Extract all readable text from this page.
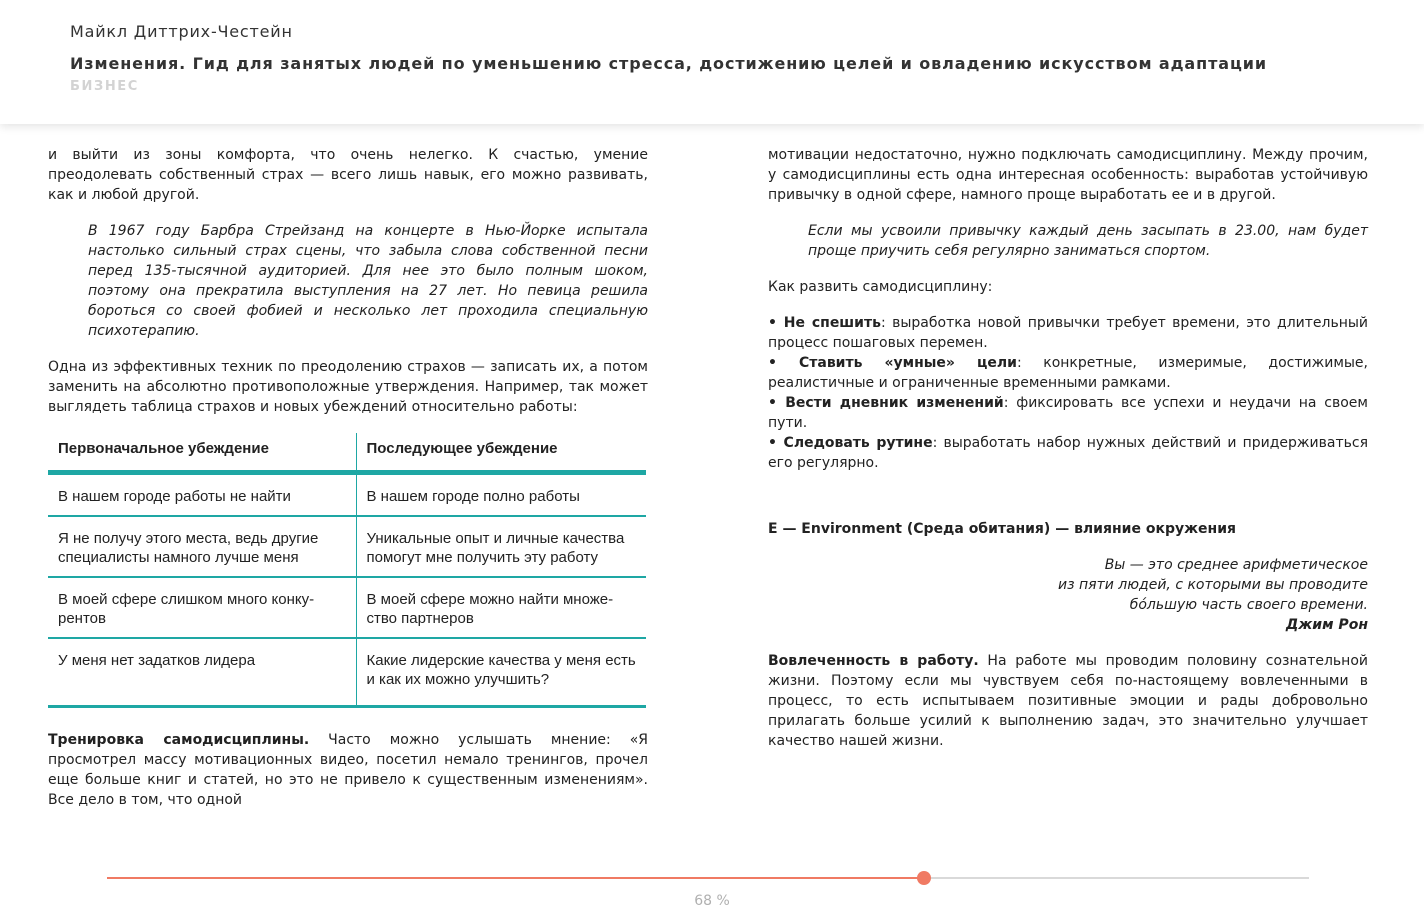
Майкл Диттрих-Честейн
Изменения. Гид для занятых людей по уменьшению стресса, достижению целей и овладению искусством адаптации
БИЗНЕС

и выйти из зоны комфорта, что очень нелегко. К счастью, умение преодолевать собственный страх — всего лишь навык, его можно развивать, как и любой другой.

В 1967 году Барбра Стрейзанд на концерте в Нью-Йорке испытала настолько сильный страх сцены, что забыла слова собственной песни перед 135-тысячной аудиторией. Для нее это было полным шоком, поэтому она прекратила выступления на 27 лет. Но певица решила бороться со своей фобией и несколько лет проходила специальную психотерапию.

Одна из эффективных техник по преодолению страхов — записать их, а потом заменить на абсолютно противоположные утверждения. Например, так может выглядеть таблица страхов и новых убеждений относительно работы:

Первоначальное убеждение	Последующее убеждение
В нашем городе работы не найти	В нашем городе полно работы
Я не получу этого места, ведь другие специалисты намного лучше меня	Уникальные опыт и личные качества помогут мне получить эту работу
В моей сфере слишком много конку-рентов	В моей сфере можно найти множе-ство партнеров
У меня нет задатков лидера	Какие лидерские качества у меня есть и как их можно улучшить?

Тренировка самодисциплины. Часто можно услышать мнение: «Я просмотрел массу мотивационных видео, посетил немало тренингов, прочел еще больше книг и статей, но это не привело к существенным изменениям». Все дело в том, что одной

мотивации недостаточно, нужно подключать самодисциплину. Между прочим, у самодисциплины есть одна интересная особенность: выработав устойчивую привычку в одной сфере, намного проще выработать ее и в другой.

Если мы усвоили привычку каждый день засыпать в 23.00, нам будет проще приучить себя регулярно заниматься спортом.

Как развить самодисциплину:

• Не спешить: выработка новой привычки требует времени, это длительный процесс пошаговых перемен.
• Ставить «умные» цели: конкретные, измеримые, достижимые, реалистичные и ограниченные временными рамками.
• Вести дневник изменений: фиксировать все успехи и неудачи на своем пути.
• Следовать рутине: выработать набор нужных действий и придерживаться его регулярно.
E — Environment (Среда обитания) — влияние окружения
Вы — это среднее арифметическое
из пяти людей, с которыми вы проводите
бóльшую часть своего времени.
Джим Рон

Вовлеченность в работу. На работе мы проводим половину сознательной жизни. Поэтому если мы чувствуем себя по-настоящему вовлеченными в процесс, то есть испытываем позитивные эмоции и рады добровольно прилагать больше усилий к выполнению задач, это значительно улучшает качество нашей жизни.

68 %
